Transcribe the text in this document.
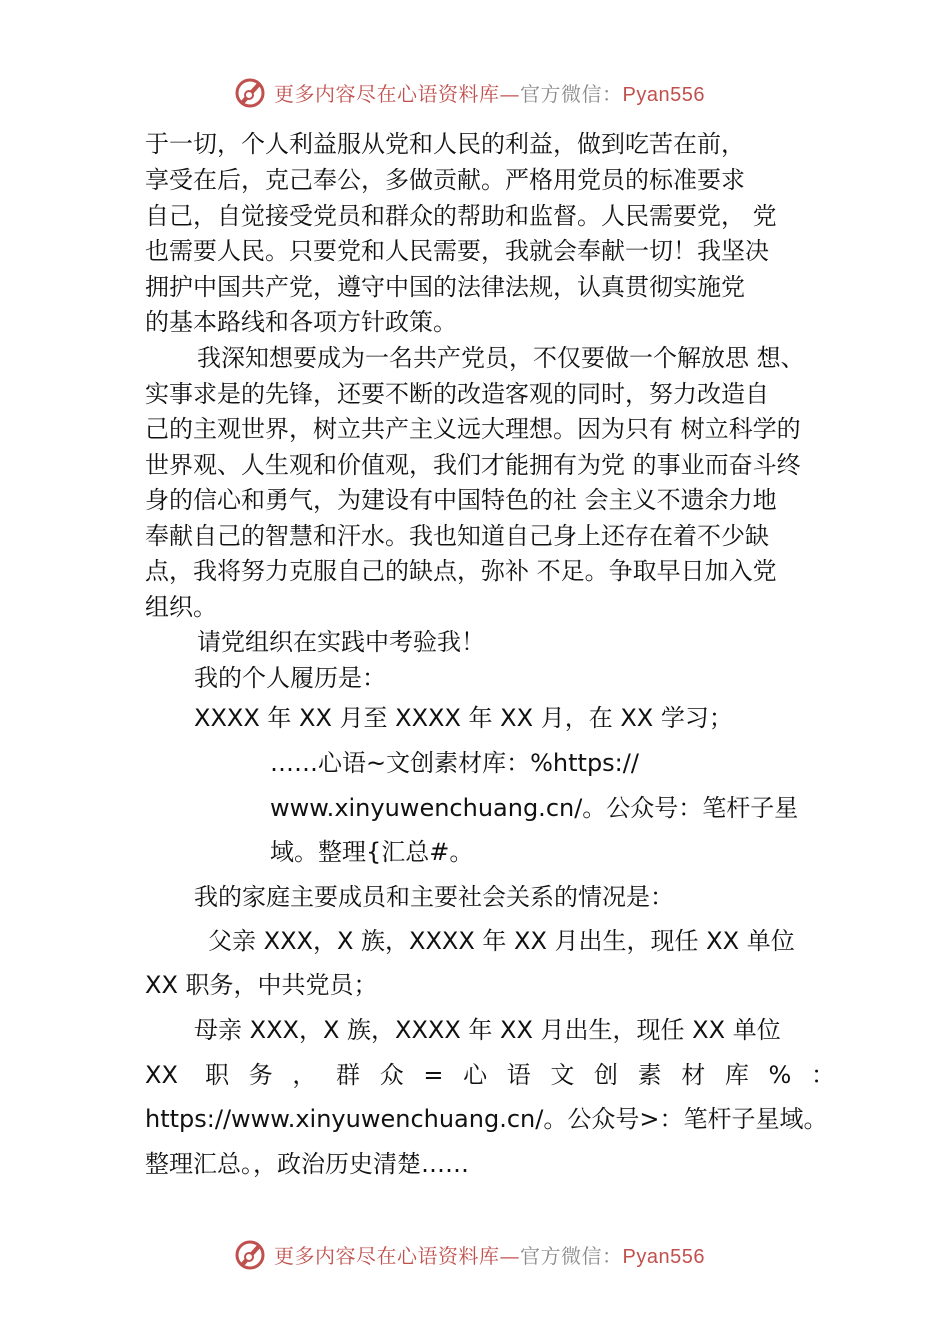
更多内容尽在心语资料库—官方微信：Pyan556
于一切，个人利益服从党和人民的利益，做到吃苦在前，
享受在后，克己奉公，多做贡献。严格用党员的标准要求
自己，自觉接受党员和群众的帮助和监督。人民需要党， 党
也需要人民。只要党和人民需要，我就会奉献一切！我坚决
拥护中国共产党，遵守中国的法律法规，认真贯彻实施党
的基本路线和各项方针政策。
我深知想要成为一名共产党员，不仅要做一个解放思 想、
实事求是的先锋，还要不断的改造客观的同时，努力改造自
己的主观世界，树立共产主义远大理想。因为只有 树立科学的
世界观、人生观和价值观，我们才能拥有为党 的事业而奋斗终
身的信心和勇气，为建设有中国特色的社 会主义不遗余力地
奉献自己的智慧和汗水。我也知道自己身上还存在着不少缺
点，我将努力克服自己的缺点，弥补 不足。争取早日加入党
组织。
请党组织在实践中考验我！
我的个人履历是：
XXXX 年 XX 月至 XXXX 年 XX 月，在 XX 学习；
……心语~文创素材库：%https://
www.xinyuwenchuang.cn/。公众号：笔杆子星
域。整理{汇总#。
我的家庭主要成员和主要社会关系的情况是：
父亲 XXX，X 族，XXXX 年 XX 月出生，现任 XX 单位
XX 职务，中共党员；
母亲 XXX，X 族，XXXX 年 XX 月出生，现任 XX 单位
XX 职务，群众=心语文创素材库%：
https://www.xinyuwenchuang.cn/。公众号>：笔杆子星域。
整理汇总。，政治历史清楚……
更多内容尽在心语资料库—官方微信：Pyan556
